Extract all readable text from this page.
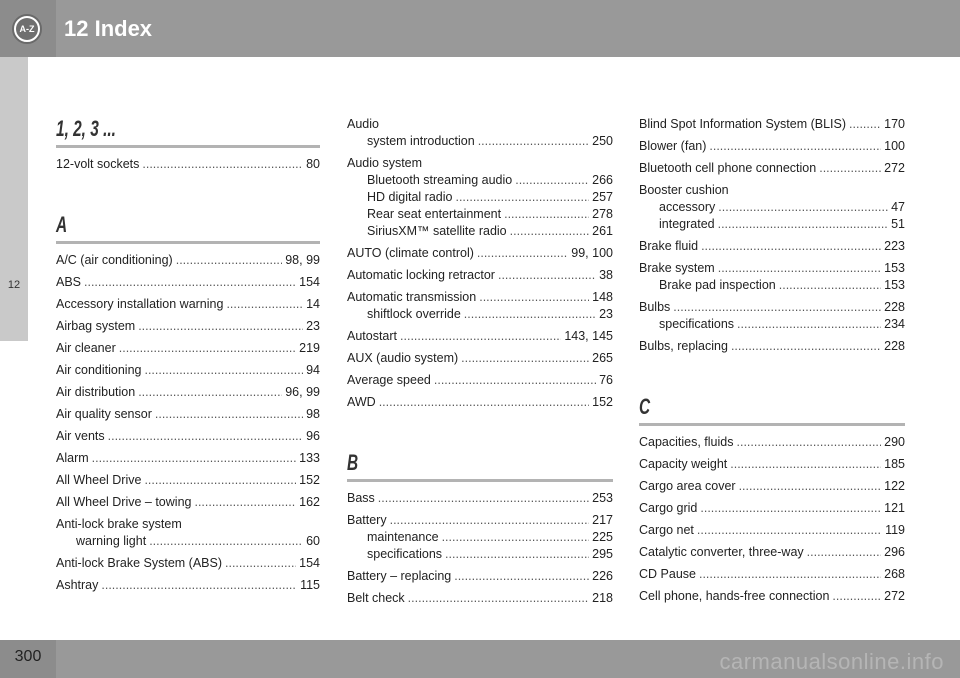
A-Z 12 Index
12
1, 2, 3 ...
12-volt sockets .....	80
A
A/C (air conditioning) .....	98, 99
ABS .....	154
Accessory installation warning .....	14
Airbag system .....	23
Air cleaner .....	219
Air conditioning .....	94
Air distribution .....	96, 99
Air quality sensor .....	98
Air vents .....	96
Alarm .....	133
All Wheel Drive .....	152
All Wheel Drive – towing .....	162
Anti-lock brake system
warning light .....	60
Anti-lock Brake System (ABS) .....	154
Ashtray .....	115
Audio
system introduction .....	250
Audio system
Bluetooth streaming audio .....	266
HD digital radio .....	257
Rear seat entertainment .....	278
SiriusXM™ satellite radio .....	261
AUTO (climate control) .....	99, 100
Automatic locking retractor .....	38
Automatic transmission .....	148
shiftlock override .....	23
Autostart .....	143, 145
AUX (audio system) .....	265
Average speed .....	76
AWD .....	152
B
Bass .....	253
Battery .....	217
maintenance .....	225
specifications .....	295
Battery – replacing .....	226
Belt check .....	218
Blind Spot Information System (BLIS) .....	170
Blower (fan) .....	100
Bluetooth cell phone connection .....	272
Booster cushion
accessory .....	47
integrated .....	51
Brake fluid .....	223
Brake system .....	153
Brake pad inspection .....	153
Bulbs .....	228
specifications .....	234
Bulbs, replacing .....	228
C
Capacities, fluids .....	290
Capacity weight .....	185
Cargo area cover .....	122
Cargo grid .....	121
Cargo net .....	119
Catalytic converter, three-way .....	296
CD Pause .....	268
Cell phone, hands-free connection .....	272
300	carmanualsonline.info
